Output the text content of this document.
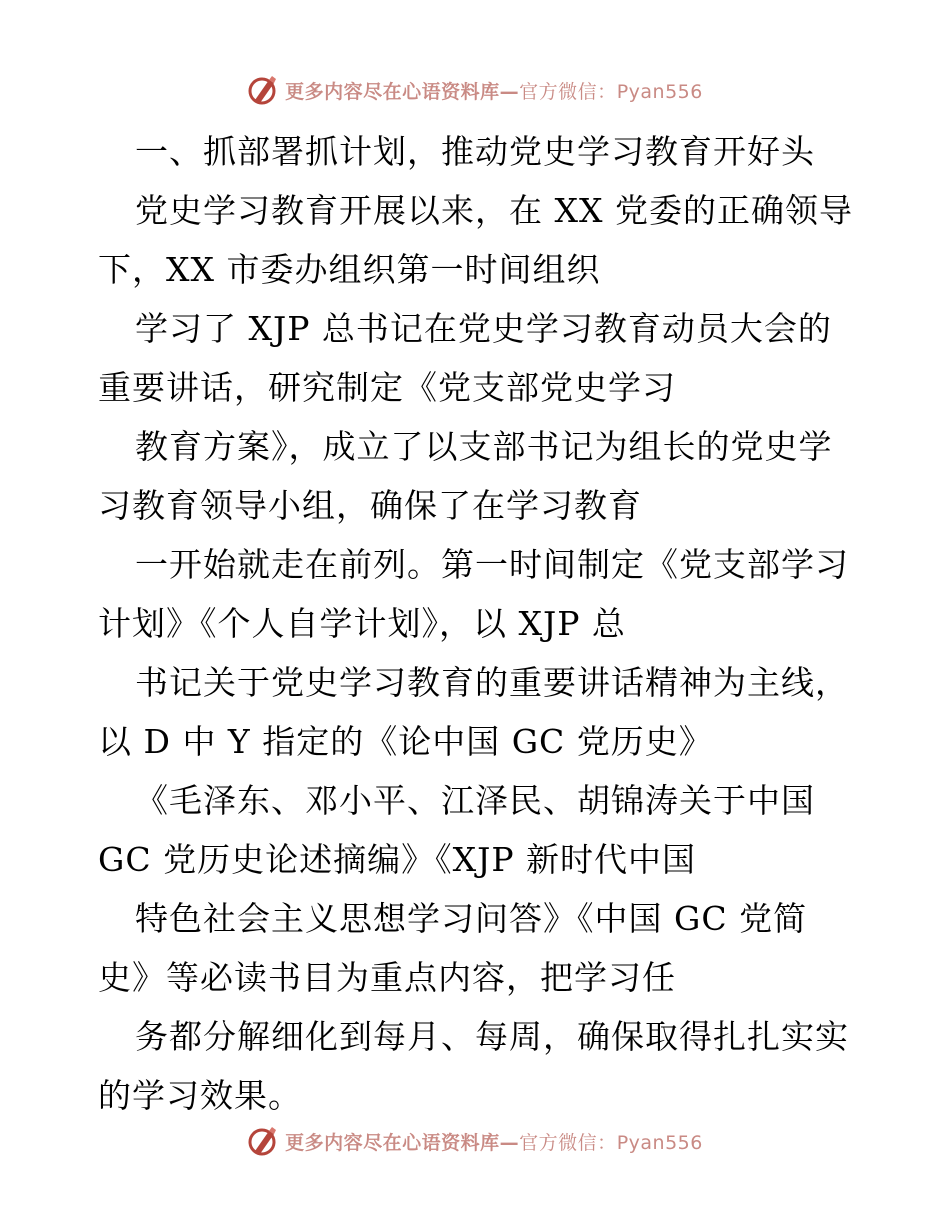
更多内容尽在心语资料库—官方微信：Pyan556
一、抓部署抓计划，推动党史学习教育开好头
党史学习教育开展以来，在 XX 党委的正确领导
下，XX 市委办组织第一时间组织
学习了 XJP 总书记在党史学习教育动员大会的
重要讲话，研究制定《党支部党史学习
教育方案》，成立了以支部书记为组长的党史学
习教育领导小组，确保了在学习教育
一开始就走在前列。第一时间制定《党支部学习
计划》《个人自学计划》，以 XJP 总
书记关于党史学习教育的重要讲话精神为主线，
以 D 中 Y 指定的《论中国 GC 党历史》
《毛泽东、邓小平、江泽民、胡锦涛关于中国
GC 党历史论述摘编》《XJP 新时代中国
特色社会主义思想学习问答》《中国 GC 党简
史》等必读书目为重点内容，把学习任
务都分解细化到每月、每周，确保取得扎扎实实
的学习效果。
更多内容尽在心语资料库—官方微信：Pyan556
